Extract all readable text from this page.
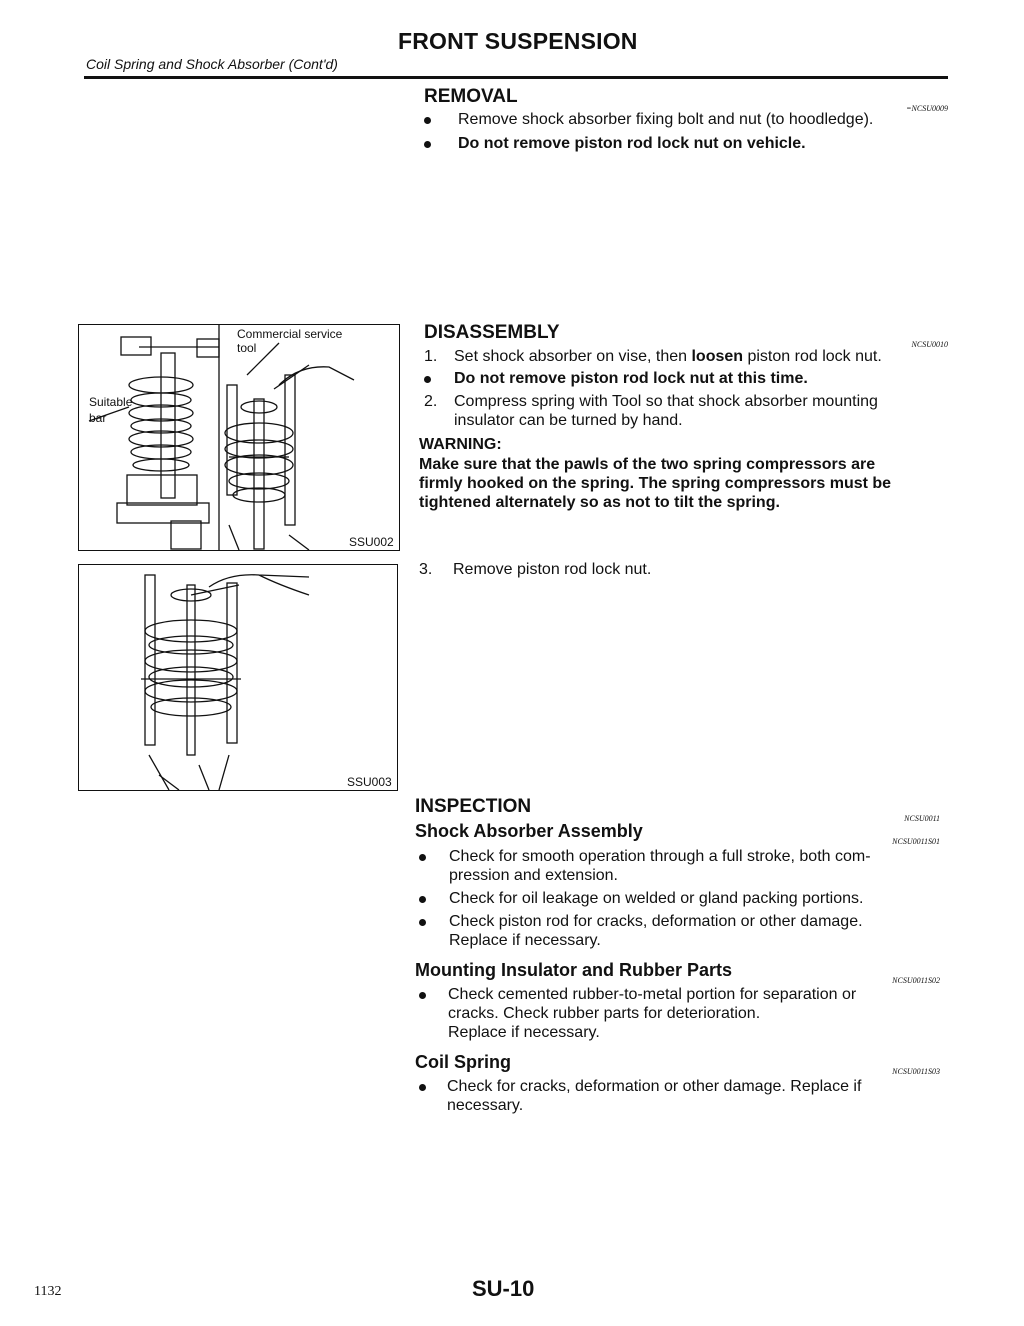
Coil Spring and Shock Absorber (Cont'd)
FRONT SUSPENSION
REMOVAL
=NCSU0009
Remove shock absorber fixing bolt and nut (to hoodledge).
Do not remove piston rod lock nut on vehicle.
Commercial service
tool
Suitable
bar
SSU002
SSU003
DISASSEMBLY
NCSU0010
1. Set shock absorber on vise, then loosen piston rod lock nut.
Do not remove piston rod lock nut at this time.
2. Compress spring with Tool so that shock absorber mounting
insulator can be turned by hand.
WARNING:
Make sure that the pawls of the two spring compressors are
firmly hooked on the spring. The spring compressors must be
tightened alternately so as not to tilt the spring.
3. Remove piston rod lock nut.
INSPECTION
NCSU0011
Shock Absorber Assembly
NCSU0011S01
Check for smooth operation through a full stroke, both com-
pression and extension.
Check for oil leakage on welded or gland packing portions.
Check piston rod for cracks, deformation or other damage.
Replace if necessary.
Mounting Insulator and Rubber Parts
NCSU0011S02
Check cemented rubber-to-metal portion for separation or
cracks. Check rubber parts for deterioration.
Replace if necessary.
Coil Spring	NCSU0011S03
Check for cracks, deformation or other damage. Replace if
necessary.
1132	SU-10
